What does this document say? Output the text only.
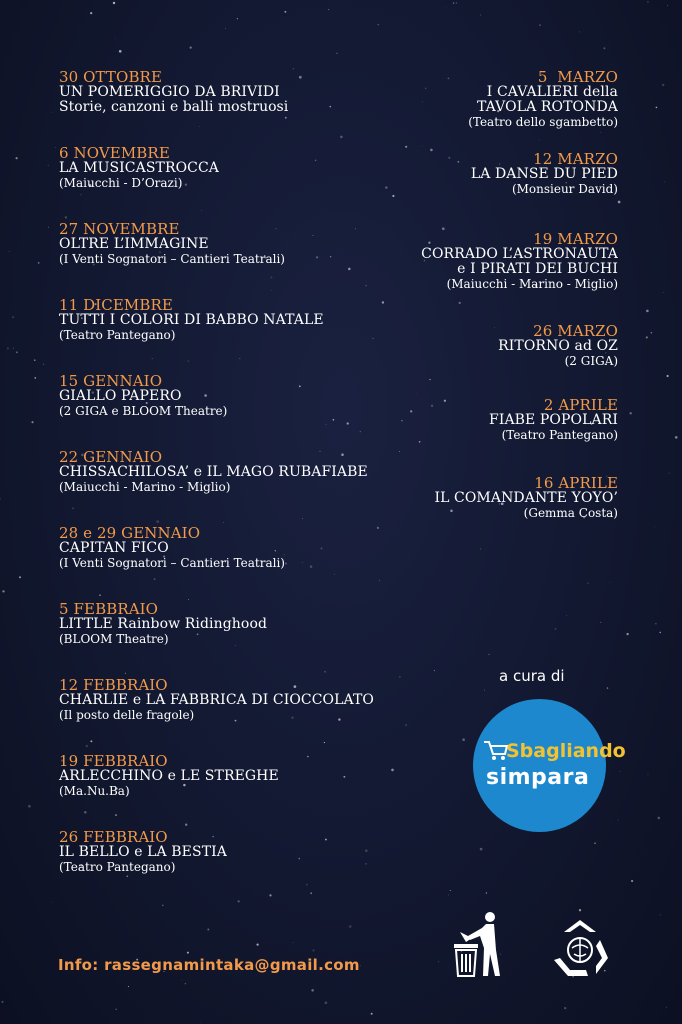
30 OTTOBRE
UN POMERIGGIO DA BRIVIDI
Storie, canzoni e balli mostruosi
6 NOVEMBRE
LA MUSICASTROCCA
(Maiucchi - D’Orazi)
27 NOVEMBRE
OLTRE L’IMMAGINE
(I Venti Sognatori – Cantieri Teatrali)
11 DICEMBRE
TUTTI I COLORI DI BABBO NATALE
(Teatro Pantegano)
15 GENNAIO
GIALLO PAPERO
(2 GIGA e BLOOM Theatre)
22 GENNAIO
CHISSACHILOSA’ e IL MAGO RUBAFIABE
(Maiucchi - Marino - Miglio)
28 e 29 GENNAIO
CAPITAN FICO
(I Venti Sognatori – Cantieri Teatrali)
5 FEBBRAIO
LITTLE Rainbow Ridinghood
(BLOOM Theatre)
12 FEBBRAIO
CHARLIE e LA FABBRICA DI CIOCCOLATO
(Il posto delle fragole)
19 FEBBRAIO
ARLECCHINO e LE STREGHE
(Ma.Nu.Ba)
26 FEBBRAIO
IL BELLO e LA BESTIA
(Teatro Pantegano)
5  MARZO
I CAVALIERI della
TAVOLA ROTONDA
(Teatro dello sgambetto)
12 MARZO
LA DANSE DU PIED
(Monsieur David)
19 MARZO
CORRADO L’ASTRONAUTA
e I PIRATI DEI BUCHI
(Maiucchi - Marino - Miglio)
26 MARZO
RITORNO ad OZ
(2 GIGA)
2 APRILE
FIABE POPOLARI
(Teatro Pantegano)
16 APRILE
IL COMANDANTE YOYO’
(Gemma Costa)
a cura di
Sbagliando
simpara
Info: rassegnamintaka@gmail.com
